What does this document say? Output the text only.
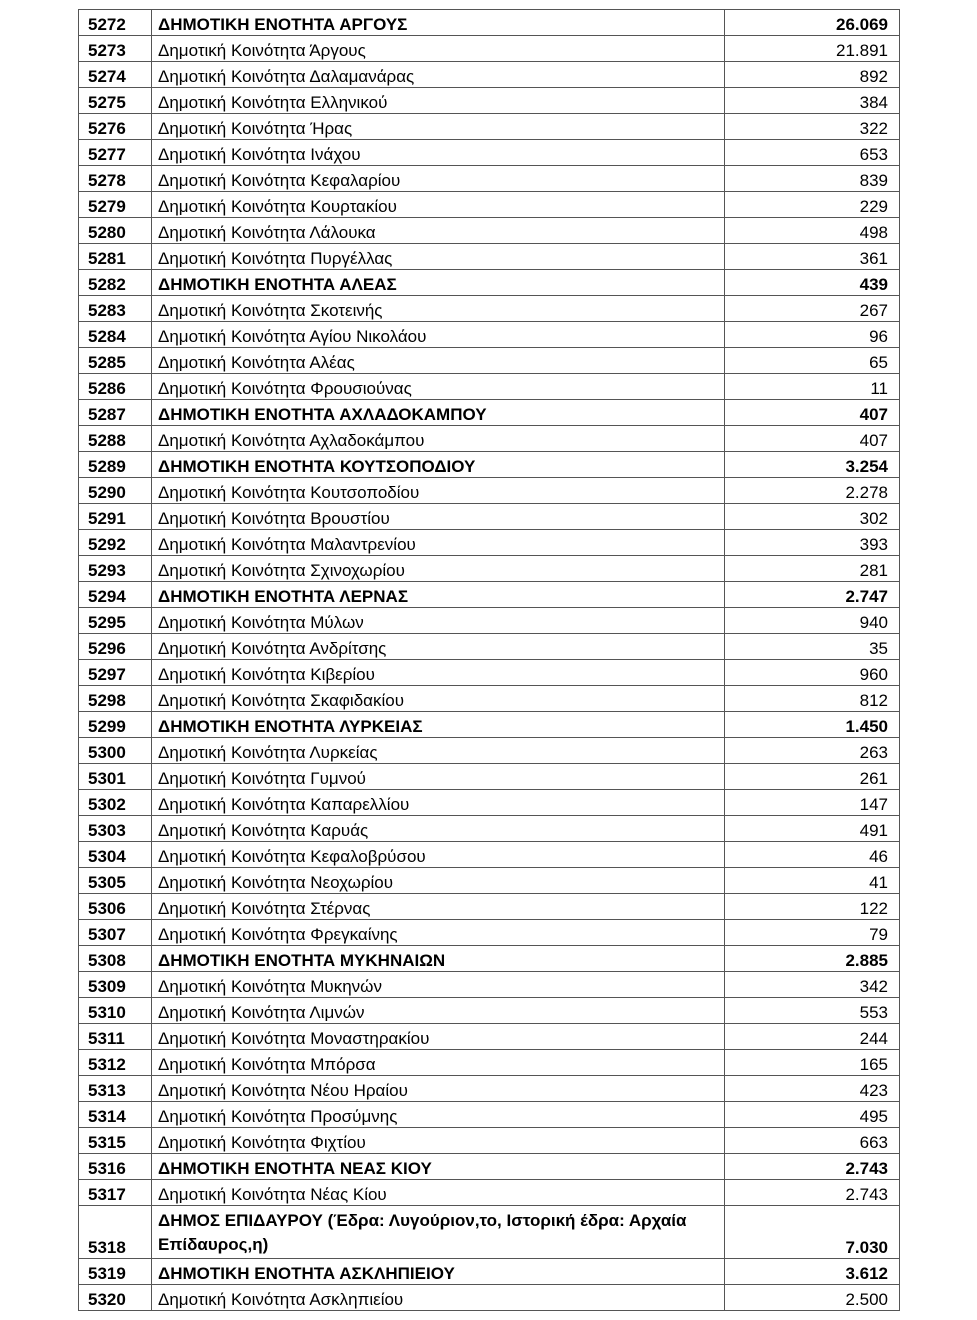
5272	ΔΗΜΟΤΙΚΗ ΕΝΟΤΗΤΑ ΑΡΓΟΥΣ	26.069
5273	Δημοτική Κοινότητα Άργους	21.891
5274	Δημοτική Κοινότητα Δαλαμανάρας	892
5275	Δημοτική Κοινότητα Ελληνικού	384
5276	Δημοτική Κοινότητα Ήρας	322
5277	Δημοτική Κοινότητα Ινάχου	653
5278	Δημοτική Κοινότητα Κεφαλαρίου	839
5279	Δημοτική Κοινότητα Κουρτακίου	229
5280	Δημοτική Κοινότητα Λάλουκα	498
5281	Δημοτική Κοινότητα Πυργέλλας	361
5282	ΔΗΜΟΤΙΚΗ ΕΝΟΤΗΤΑ ΑΛΕΑΣ	439
5283	Δημοτική Κοινότητα Σκοτεινής	267
5284	Δημοτική Κοινότητα Αγίου Νικολάου	96
5285	Δημοτική Κοινότητα Αλέας	65
5286	Δημοτική Κοινότητα Φρουσιούνας	11
5287	ΔΗΜΟΤΙΚΗ ΕΝΟΤΗΤΑ ΑΧΛΑΔΟΚΑΜΠΟΥ	407
5288	Δημοτική Κοινότητα Αχλαδοκάμπου	407
5289	ΔΗΜΟΤΙΚΗ ΕΝΟΤΗΤΑ ΚΟΥΤΣΟΠΟΔΙΟΥ	3.254
5290	Δημοτική Κοινότητα Κουτσοποδίου	2.278
5291	Δημοτική Κοινότητα Βρουστίου	302
5292	Δημοτική Κοινότητα Μαλαντρενίου	393
5293	Δημοτική Κοινότητα Σχινοχωρίου	281
5294	ΔΗΜΟΤΙΚΗ ΕΝΟΤΗΤΑ ΛΕΡΝΑΣ	2.747
5295	Δημοτική Κοινότητα Μύλων	940
5296	Δημοτική Κοινότητα Ανδρίτσης	35
5297	Δημοτική Κοινότητα Κιβερίου	960
5298	Δημοτική Κοινότητα Σκαφιδακίου	812
5299	ΔΗΜΟΤΙΚΗ ΕΝΟΤΗΤΑ ΛΥΡΚΕΙΑΣ	1.450
5300	Δημοτική Κοινότητα Λυρκείας	263
5301	Δημοτική Κοινότητα Γυμνού	261
5302	Δημοτική Κοινότητα Καπαρελλίου	147
5303	Δημοτική Κοινότητα Καρυάς	491
5304	Δημοτική Κοινότητα Κεφαλοβρύσου	46
5305	Δημοτική Κοινότητα Νεοχωρίου	41
5306	Δημοτική Κοινότητα Στέρνας	122
5307	Δημοτική Κοινότητα Φρεγκαίνης	79
5308	ΔΗΜΟΤΙΚΗ ΕΝΟΤΗΤΑ ΜΥΚΗΝΑΙΩΝ	2.885
5309	Δημοτική Κοινότητα Μυκηνών	342
5310	Δημοτική Κοινότητα Λιμνών	553
5311	Δημοτική Κοινότητα Μοναστηρακίου	244
5312	Δημοτική Κοινότητα Μπόρσα	165
5313	Δημοτική Κοινότητα Νέου Ηραίου	423
5314	Δημοτική Κοινότητα Προσύμνης	495
5315	Δημοτική Κοινότητα Φιχτίου	663
5316	ΔΗΜΟΤΙΚΗ ΕΝΟΤΗΤΑ ΝΕΑΣ ΚΙΟΥ	2.743
5317	Δημοτική Κοινότητα Νέας Κίου	2.743
5318	ΔΗΜΟΣ ΕΠΙΔΑΥΡΟΥ (Έδρα: Λυγούριον,το, Ιστορική έδρα: Αρχαία Επίδαυρος,η)	7.030
5319	ΔΗΜΟΤΙΚΗ ΕΝΟΤΗΤΑ ΑΣΚΛΗΠΙΕΙΟΥ	3.612
5320	Δημοτική Κοινότητα Ασκληπιείου	2.500
